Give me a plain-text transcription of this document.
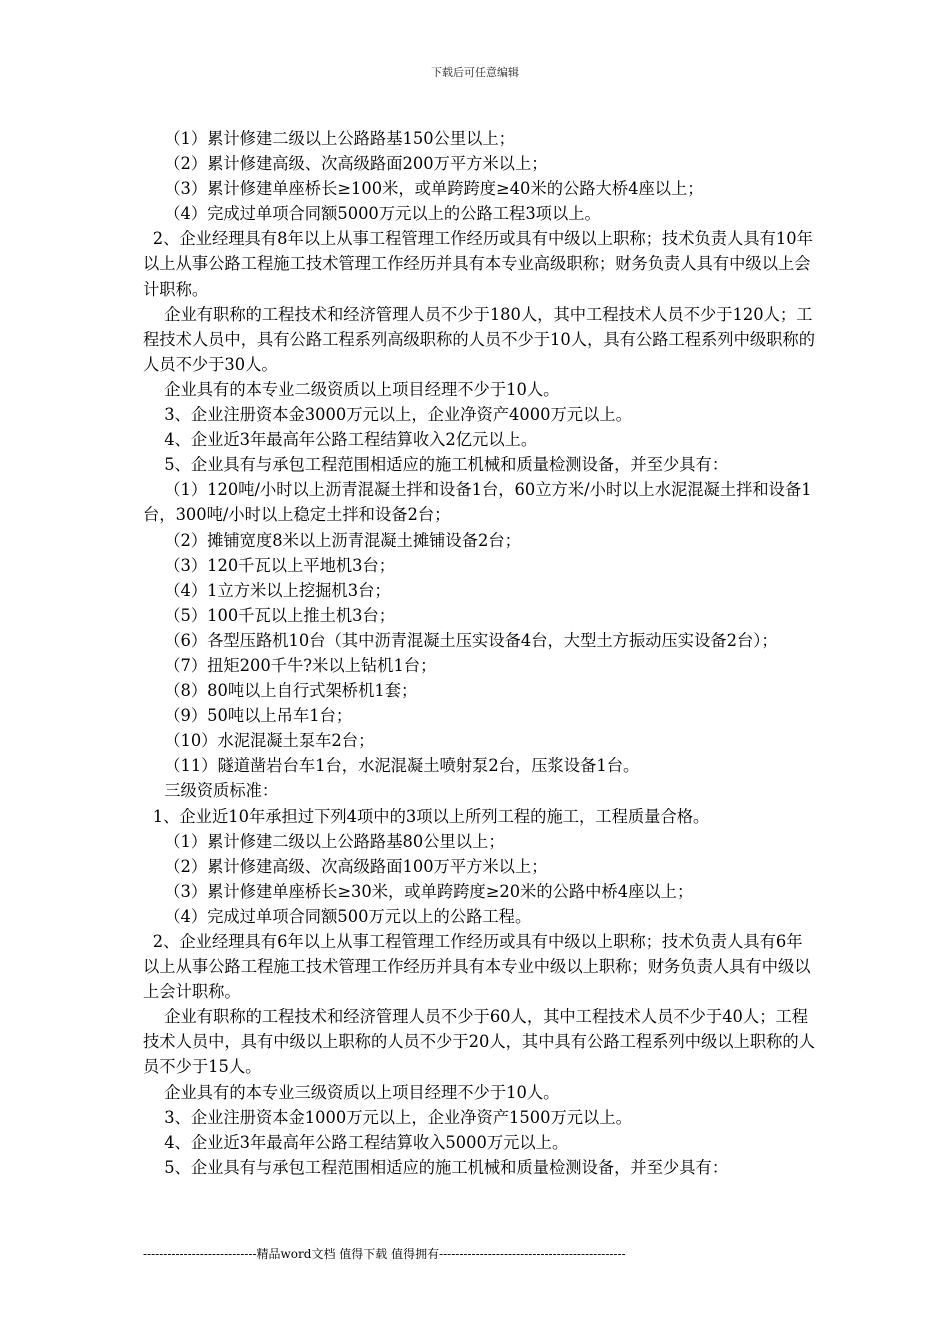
下载后可任意编辑

（1）累计修建二级以上公路路基150公里以上；

（2）累计修建高级、次高级路面200万平方米以上；

（3）累计修建单座桥长≥100米，或单跨跨度≥40米的公路大桥4座以上；

（4）完成过单项合同额5000万元以上的公路工程3项以上。

2、企业经理具有8年以上从事工程管理工作经历或具有中级以上职称；技术负责人具有10年以上从事公路工程施工技术管理工作经历并具有本专业高级职称；财务负责人具有中级以上会计职称。

企业有职称的工程技术和经济管理人员不少于180人，其中工程技术人员不少于120人；工程技术人员中，具有公路工程系列高级职称的人员不少于10人，具有公路工程系列中级职称的人员不少于30人。

企业具有的本专业二级资质以上项目经理不少于10人。

3、企业注册资本金3000万元以上，企业净资产4000万元以上。

4、企业近3年最高年公路工程结算收入2亿元以上。

5、企业具有与承包工程范围相适应的施工机械和质量检测设备，并至少具有：

（1）120吨/小时以上沥青混凝土拌和设备1台，60立方米/小时以上水泥混凝土拌和设备1台，300吨/小时以上稳定土拌和设备2台；

（2）摊铺宽度8米以上沥青混凝土摊铺设备2台；

（3）120千瓦以上平地机3台；

（4）1立方米以上挖掘机3台；

（5）100千瓦以上推土机3台；

（6）各型压路机10台（其中沥青混凝土压实设备4台，大型土方振动压实设备2台）；

（7）扭矩200千牛?米以上钻机1台；

（8）80吨以上自行式架桥机1套；

（9）50吨以上吊车1台；

（10）水泥混凝土泵车2台；

（11）隧道凿岩台车1台，水泥混凝土喷射泵2台，压浆设备1台。

三级资质标准：

1、企业近10年承担过下列4项中的3项以上所列工程的施工，工程质量合格。

（1）累计修建二级以上公路路基80公里以上；

（2）累计修建高级、次高级路面100万平方米以上；

（3）累计修建单座桥长≥30米，或单跨跨度≥20米的公路中桥4座以上；

（4）完成过单项合同额500万元以上的公路工程。

2、企业经理具有6年以上从事工程管理工作经历或具有中级以上职称；技术负责人具有6年以上从事公路工程施工技术管理工作经历并具有本专业中级以上职称；财务负责人具有中级以上会计职称。

企业有职称的工程技术和经济管理人员不少于60人，其中工程技术人员不少于40人；工程技术人员中，具有中级以上职称的人员不少于20人，其中具有公路工程系列中级以上职称的人员不少于15人。

企业具有的本专业三级资质以上项目经理不少于10人。

3、企业注册资本金1000万元以上，企业净资产1500万元以上。

4、企业近3年最高年公路工程结算收入5000万元以上。

5、企业具有与承包工程范围相适应的施工机械和质量检测设备，并至少具有：

----------------------------精品word文档 值得下载 值得拥有----------------------------------------------
